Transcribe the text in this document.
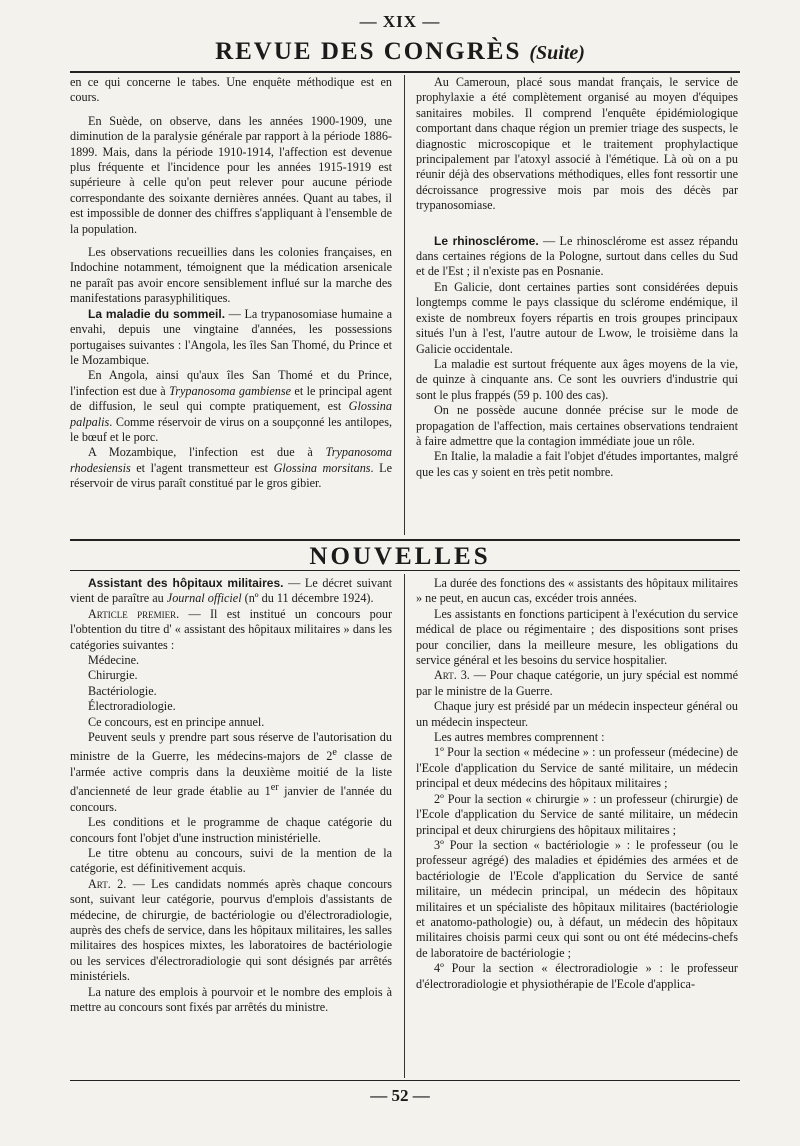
— XIX —
REVUE DES CONGRÈS (Suite)

en ce qui concerne le tabes. Une enquête méthodique est en cours.

En Suède, on observe, dans les années 1900-1909, une diminution de la paralysie générale par rapport à la période 1886-1899. Mais, dans la période 1910-1914, l'affection est devenue plus fréquente et l'incidence pour les années 1915-1919 est supérieure à celle qu'on peut relever pour aucune période correspondante des soixante dernières années. Quant au tabes, il est impossible de donner des chiffres s'appliquant à l'ensemble de la population.

Les observations recueillies dans les colonies françaises, en Indochine notamment, témoignent que la médication arsenicale ne paraît pas avoir encore sensiblement influé sur la marche des manifestations parasyphilitiques.

La maladie du sommeil. — La trypanosomiase humaine a envahi, depuis une vingtaine d'années, les possessions portugaises suivantes : l'Angola, les îles San Thomé, du Prince et le Mozambique.

En Angola, ainsi qu'aux îles San Thomé et du Prince, l'infection est due à Trypanosoma gambiense et le principal agent de diffusion, le seul qui compte pratiquement, est Glossina palpalis. Comme réservoir de virus on a soupçonné les antilopes, le bœuf et le porc.

A Mozambique, l'infection est due à Trypanosoma rhodesiensis et l'agent transmetteur est Glossina morsitans. Le réservoir de virus paraît constitué par le gros gibier.

Au Cameroun, placé sous mandat français, le service de prophylaxie a été complètement organisé au moyen d'équipes sanitaires mobiles. Il comprend l'enquête épidémiologique comportant dans chaque région un premier triage des suspects, le diagnostic microscopique et le traitement prophylactique principalement par l'atoxyl associé à l'émétique. Là où on a pu réunir déjà des observations méthodiques, elles font ressortir une décroissance progressive mois par mois des décès par trypanosomiase.

Le rhinosclérome. — Le rhinosclérome est assez répandu dans certaines régions de la Pologne, surtout dans celles du Sud et de l'Est ; il n'existe pas en Posnanie.

En Galicie, dont certaines parties sont considérées depuis longtemps comme le pays classique du sclérome endémique, il existe de nombreux foyers répartis en trois groupes principaux situés l'un à l'est, l'autre autour de Lwow, le troisième dans la Galicie occidentale.

La maladie est surtout fréquente aux âges moyens de la vie, de quinze à cinquante ans. Ce sont les ouvriers d'industrie qui sont le plus frappés (59 p. 100 des cas).

On ne possède aucune donnée précise sur le mode de propagation de l'affection, mais certaines observations tendraient à faire admettre que la contagion immédiate joue un rôle.

En Italie, la maladie a fait l'objet d'études importantes, malgré que les cas y soient en très petit nombre.

NOUVELLES

Assistant des hôpitaux militaires. — Le décret suivant vient de paraître au Journal officiel (nº du 11 décembre 1924).

Article premier. — Il est institué un concours pour l'obtention du titre d' « assistant des hôpitaux militaires » dans les catégories suivantes :

Médecine.

Chirurgie.

Bactériologie.

Électroradiologie.

Ce concours, est en principe annuel.

Peuvent seuls y prendre part sous réserve de l'autorisation du ministre de la Guerre, les médecins-majors de 2e classe de l'armée active compris dans la deuxième moitié de la liste d'ancienneté de leur grade établie au 1er janvier de l'année du concours.

Les conditions et le programme de chaque catégorie du concours font l'objet d'une instruction ministérielle.

Le titre obtenu au concours, suivi de la mention de la catégorie, est définitivement acquis.

Art. 2. — Les candidats nommés après chaque concours sont, suivant leur catégorie, pourvus d'emplois d'assistants de médecine, de chirurgie, de bactériologie ou d'électroradiologie, auprès des chefs de service, dans les hôpitaux militaires, les salles militaires des hospices mixtes, les laboratoires de bactériologie ou les services d'électroradiologie qui sont désignés par arrêtés ministériels.

La nature des emplois à pourvoir et le nombre des emplois à mettre au concours sont fixés par arrêtés du ministre.

La durée des fonctions des « assistants des hôpitaux militaires » ne peut, en aucun cas, excéder trois années.

Les assistants en fonctions participent à l'exécution du service médical de place ou régimentaire ; des dispositions sont prises pour concilier, dans la meilleure mesure, les obligations du service général et les besoins du service hospitalier.

Art. 3. — Pour chaque catégorie, un jury spécial est nommé par le ministre de la Guerre.

Chaque jury est présidé par un médecin inspecteur général ou un médecin inspecteur.

Les autres membres comprennent :

1º Pour la section « médecine » : un professeur (médecine) de l'Ecole d'application du Service de santé militaire, un médecin principal et deux médecins des hôpitaux militaires ;

2º Pour la section « chirurgie » : un professeur (chirurgie) de l'Ecole d'application du Service de santé militaire, un médecin principal et deux chirurgiens des hôpitaux militaires ;

3º Pour la section « bactériologie » : le professeur (ou le professeur agrégé) des maladies et épidémies des armées et de bactériologie de l'Ecole d'application du Service de santé militaire, un médecin principal, un médecin des hôpitaux militaires et un spécialiste des hôpitaux militaires (bactériologie et anatomo-pathologie) ou, à défaut, un médecin des hôpitaux militaires choisis parmi ceux qui sont ou ont été médecins-chefs de laboratoire de bactériologie ;

4º Pour la section « électroradiologie » : le professeur d'électroradiologie et physiothérapie de l'Ecole d'applica-

— 52 —
